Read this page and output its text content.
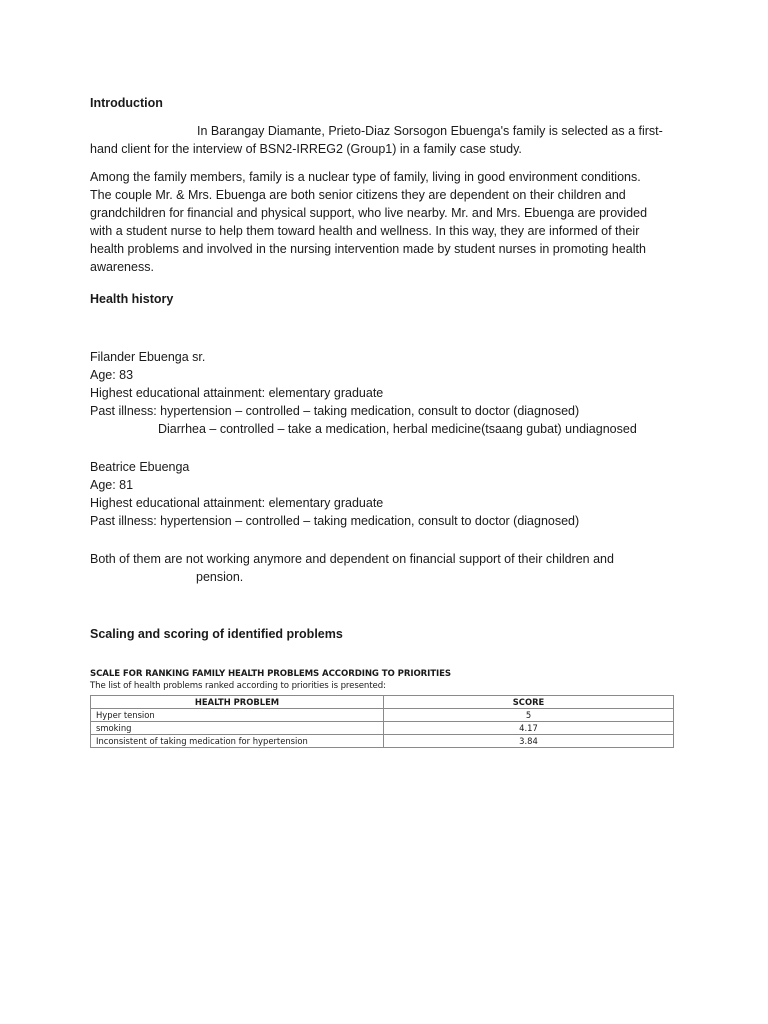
Introduction
In Barangay Diamante, Prieto-Diaz Sorsogon Ebuenga's family is selected as a first-
hand client for the interview of BSN2-IRREG2 (Group1) in a family case study.
Among the family members, family is a nuclear type of family, living in good environment conditions.
The couple Mr. & Mrs. Ebuenga are both senior citizens they are dependent on their children and
grandchildren for financial and physical support, who live nearby. Mr. and Mrs. Ebuenga are provided
with a student nurse to help them toward health and wellness. In this way, they are informed of their
health problems and involved in the nursing intervention made by student nurses in promoting health
awareness.
Health history
Filander Ebuenga sr.
Age: 83
Highest educational attainment: elementary graduate
Past illness: hypertension – controlled – taking medication, consult to doctor (diagnosed)
Diarrhea – controlled – take a medication, herbal medicine(tsaang gubat) undiagnosed
Beatrice Ebuenga
Age: 81
Highest educational attainment: elementary graduate
Past illness: hypertension – controlled – taking medication, consult to doctor (diagnosed)
Both of them are not working anymore and dependent on financial support of their children and
pension.
Scaling and scoring of identified problems
SCALE FOR RANKING FAMILY HEALTH PROBLEMS ACCORDING TO PRIORITIES
The list of health problems ranked according to priorities is presented:
HEALTH PROBLEM	SCORE
Hyper tension	5
smoking	4.17
Inconsistent of taking medication for hypertension	3.84
